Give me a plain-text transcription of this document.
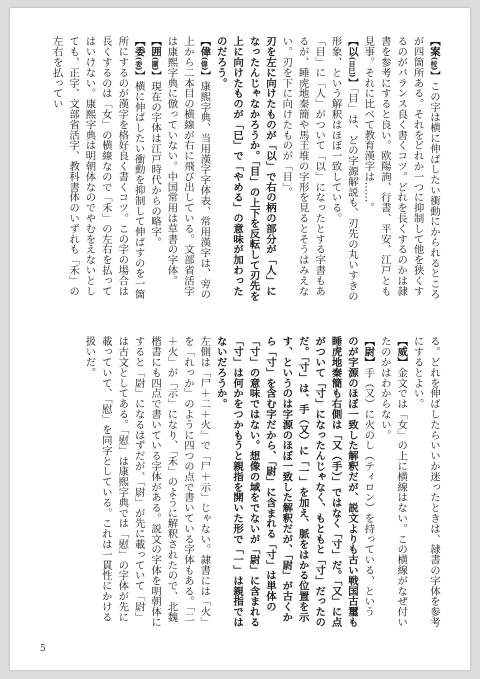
【案(桉)】この字は横に伸ばしたい衝動にかられるところが四箇所ある。それをどれか一つに抑制して他を狭くするのがバランス良く書くコツ。どれを長くするのかは隷書を参考にすると良い。欧陽詢、行書、平安、江戸とも見事。それに比べて教育漢字は……。

【以(目巳)】「目」は、どの字源解説も、刃先の丸いすきの形象、という解釈はほぼ一致している。

「目」に「人」がついて「以」になったとする字書もあるが、睡虎地秦簡や馬王堆の字形を見るとそうはみえない。刃を下に向けたものが「目」。

刃を左に向けたものが「以」で右の柄の部分が「人」になったんじゃなかろうか。「目」の上下を反転して刃先を上に向けたものが「已」で「やめる」の意味が加わったのだろう。

【偉(偉)】康熙字典、当用漢字字体表、常用漢字は、旁の上から二本目の横線が右に飛び出している。文部省活字は康熙字典に倣っていない。中国常用は草書の字体。

【囲(圍)】現在の字体は江戸時代からの略字。

【委(委)】横に伸ばしたい衝動を抑制して伸ばすのを一箇所にするのが漢字を格好良く書くコツ。この字の場合は長くするのは「女」の横線なので「禾」の左右を払ってはいけない。康熙字典は明朝体なのでやむをえないとしても、正字、文部省活字、教科書体のいずれも「禾」の左右を払ってい

る。どれを伸ばしたらいいか迷ったときは、隷書の字体を参考にするとよい。

【威】金文では「女」の上に横線はない。この横線がなぜ付いたのかはわからない。

【尉】手（又）に火のし（ティロン）を持っている、という

のが字源のほぼ一致した解釈だが、説文よりも古い戦国古璽も睡虎地秦簡も右側は「又（手）」ではなく「寸」だ。「又」に点がついて「寸」になったんじゃなく、もともと「寸」だったのだ。「寸」は、手（又）に「一」を加え、脈をはかる位置を示す、というのは字源のほぼ一致した解釈だが、「尉」が古くから「寸」を含む字だから、「尉」に含まれる「寸」は単体の「寸」の意味ではない。想像の域をでないが「尉」に含まれる「寸」は何かをつかもうと親指を開いた形で「一」は親指ではないだろうか。

左側は「尸＋二＋火」で「尸＋示」じゃない。隷書には「火」を「れっか」のように四つの点で書いている字体もある。「二＋火」が「示」になり、「禾」のように解釈されたので、北魏楷書にも四点で書いている字体がある。説文の字体を明朝体にすると「㷉」になるはずだが、「尉」が先に載っていて「㷉」は古文としてある。「慰」は康熙字典では「慰」の字体が先に載っていて、「慰」を同字としている。これは一貫性にかける扱いだ。

5
